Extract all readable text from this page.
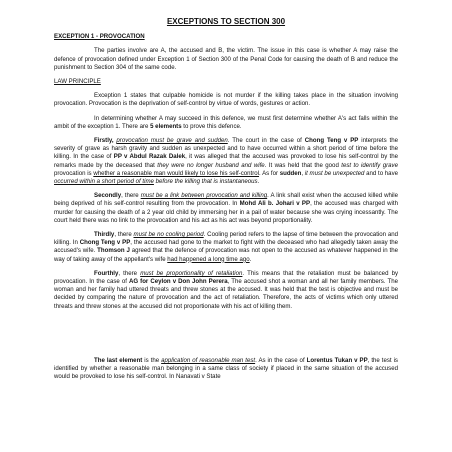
EXCEPTIONS TO SECTION 300
EXCEPTION 1 - PROVOCATION

The parties involve are A, the accused and B, the victim. The issue in this case is whether A may raise the defence of provocation defined under Exception 1 of Section 300 of the Penal Code for causing the death of B and reduce the punishment to Section 304 of the same code.

LAW PRINCIPLE

Exception 1 states that culpable homicide is not murder if the killing takes place in the situation involving provocation. Provocation is the deprivation of self-control by virtue of words, gestures or action.

In determining whether A may succeed in this defence, we must first determine whether A's act falls within the ambit of the exception 1. There are 5 elements to prove this defence.

Firstly, provocation must be grave and sudden. The court in the case of Chong Teng v PP interprets the severity of grave as harsh gravity and sudden as unexpected and to have occurred within a short period of time before the killing. In the case of PP v Abdul Razak Dalek, it was alleged that the accused was provoked to lose his self-control by the remarks made by the deceased that they were no longer husband and wife. It was held that the good test to identify grave provocation is whether a reasonable man would likely to lose his self-control. As for sudden, it must be unexpected and to have occurred within a short period of time before the killing that is instantaneous.

Secondly, there must be a link between provocation and killing. A link shall exist when the accused killed while being deprived of his self-control resulting from the provocation. In Mohd Ali b. Johari v PP, the accused was charged with murder for causing the death of a 2 year old child by immersing her in a pail of water because she was crying incessantly. The court held there was no link to the provocation and his act as his act was beyond proportionality.

Thirdly, there must be no cooling period. Cooling period refers to the lapse of time between the provocation and killing. In Chong Teng v PP, the accused had gone to the market to fight with the deceased who had allegedly taken away the accused's wife. Thomson J agreed that the defence of provocation was not open to the accused as whatever happened in the way of taking away of the appellant's wife had happened a long time ago.

Fourthly, there must be proportionality of retaliation. This means that the retaliation must be balanced by provocation. In the case of AG for Ceylon v Don John Perera, The accused shot a woman and all her family members. The woman and her family had uttered threats and threw stones at the accused. It was held that the test is objective and must be decided by comparing the nature of provocation and the act of retaliation. Therefore, the acts of victims which only uttered threats and threw stones at the accused did not proportionate with his act of killing them.

The last element is the application of reasonable man test. As in the case of Lorentus Tukan v PP, the test is identified by whether a reasonable man belonging in a same class of society if placed in the same situation of the accused would be provoked to lose his self-control. In Nanavati v State
